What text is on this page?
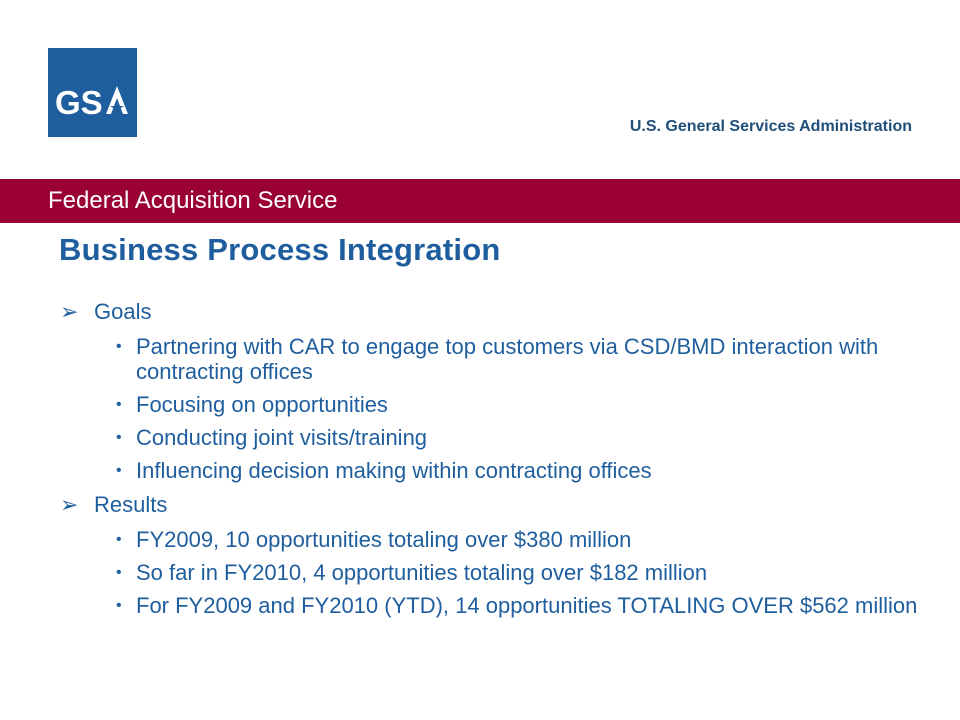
GS
U.S. General Services Administration
Federal Acquisition Service
Business Process Integration
➢ Goals
• Partnering with CAR to engage top customers via CSD/BMD interaction with contracting offices
• Focusing on opportunities
• Conducting joint visits/training
• Influencing decision making within contracting offices
➢ Results
• FY2009, 10 opportunities totaling over $380 million
• So far in FY2010, 4 opportunities totaling over $182 million
• For FY2009 and FY2010 (YTD), 14 opportunities TOTALING OVER $562 million
